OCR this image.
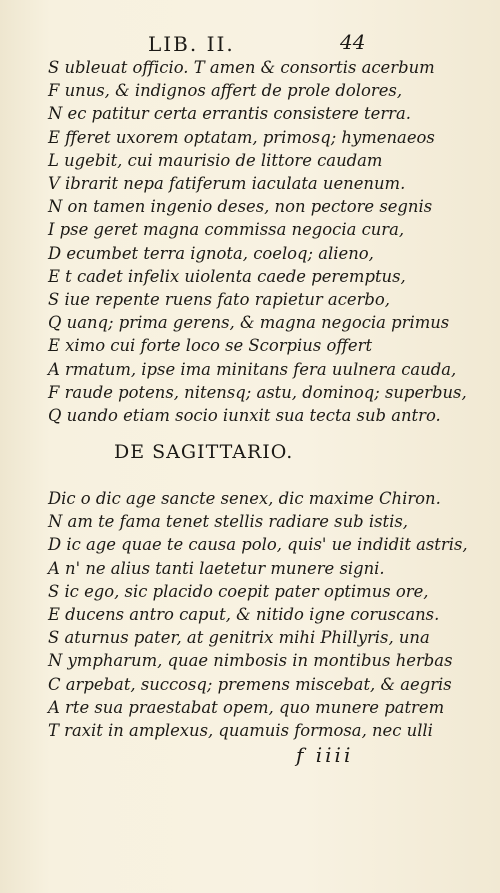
LIB. II.	44
S ubleuat officio. T amen & consortis acerbum
F unus, & indignos affert de prole dolores,
N ec patitur certa errantis consistere terra.
E fferet uxorem optatam, primosq; hymenaeos
L ugebit, cui maurisio de littore caudam
V ibrarit nepa fatiferum iaculata uenenum.
N on tamen ingenio deses, non pectore segnis
I pse geret magna commissa negocia cura,
D ecumbet terra ignota, coeloq; alieno,
E t cadet infelix uiolenta caede peremptus,
S iue repente ruens fato rapietur acerbo,
Q uanq; prima gerens, & magna negocia primus
E ximo cui forte loco se Scorpius offert
A rmatum, ipse ima minitans fera uulnera cauda,
F raude potens, nitensq; astu, dominoq; superbus,
Q uando etiam socio iunxit sua tecta sub antro.
DE SAGITTARIO.
Dic o dic age sancte senex, dic maxime Chiron.
N am te fama tenet stellis radiare sub istis,
D ic age quae te causa polo, quis' ue indidit astris,
A n' ne alius tanti laetetur munere signi.
S ic ego, sic placido coepit pater optimus ore,
E ducens antro caput, & nitido igne coruscans.
S aturnus pater, at genitrix mihi Phillyris, una
N ympharum, quae nimbosis in montibus herbas
C arpebat, succosq; premens miscebat, & aegris
A rte sua praestabat opem, quo munere patrem
T raxit in amplexus, quamuis formosa, nec ulli
f iiii
